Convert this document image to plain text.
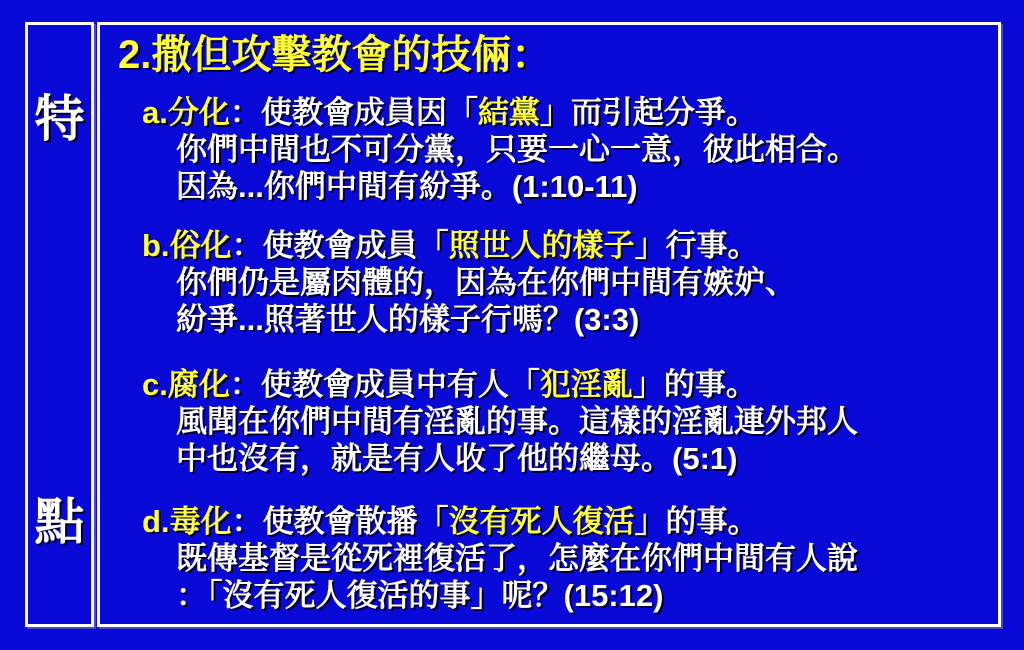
特
點
2.撒但攻擊教會的技倆：
a.分化：使教會成員因「結黨」而引起分爭。
你們中間也不可分黨，只要一心一意，彼此相合。
因為...你們中間有紛爭。(1:10-11)
b.俗化：使教會成員「照世人的樣子」行事。
你們仍是屬肉體的，因為在你們中間有嫉妒、
紛爭...照著世人的樣子行嗎？(3:3)
c.腐化：使教會成員中有人「犯淫亂」的事。
風聞在你們中間有淫亂的事。這樣的淫亂連外邦人
中也沒有，就是有人收了他的繼母。(5:1)
d.毒化：使教會散播「沒有死人復活」的事。
既傳基督是從死裡復活了，怎麼在你們中間有人說
：「沒有死人復活的事」呢？(15:12)
